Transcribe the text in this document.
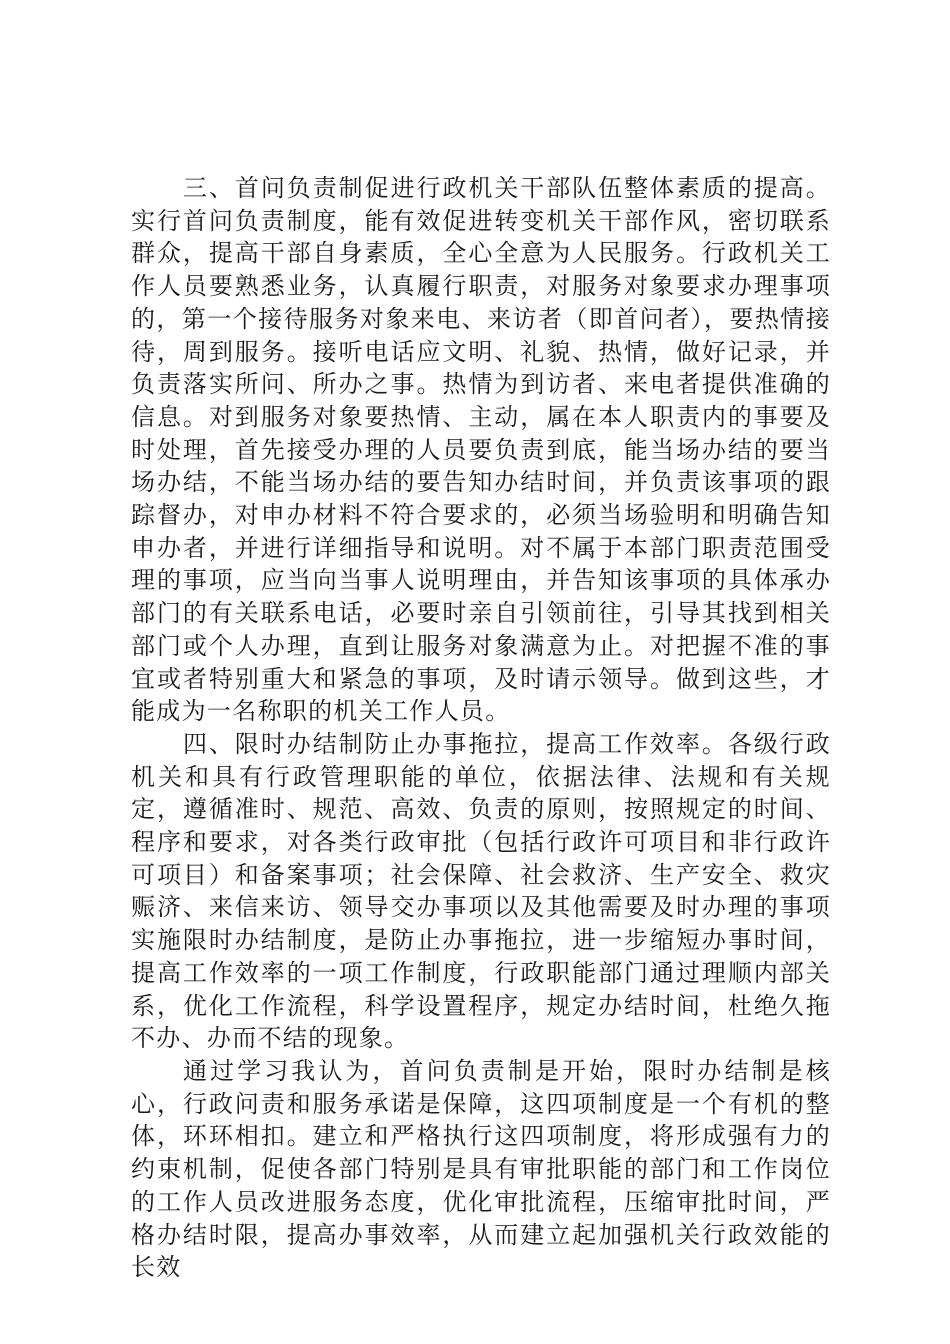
三、首问负责制促进行政机关干部队伍整体素质的提高。实行首问负责制度，能有效促进转变机关干部作风，密切联系群众，提高干部自身素质，全心全意为人民服务。行政机关工作人员要熟悉业务，认真履行职责，对服务对象要求办理事项的，第一个接待服务对象来电、来访者（即首问者），要热情接待，周到服务。接听电话应文明、礼貌、热情，做好记录，并负责落实所问、所办之事。热情为到访者、来电者提供准确的信息。对到服务对象要热情、主动，属在本人职责内的事要及时处理，首先接受办理的人员要负责到底，能当场办结的要当场办结，不能当场办结的要告知办结时间，并负责该事项的跟踪督办，对申办材料不符合要求的，必须当场验明和明确告知申办者，并进行详细指导和说明。对不属于本部门职责范围受理的事项，应当向当事人说明理由，并告知该事项的具体承办部门的有关联系电话，必要时亲自引领前往，引导其找到相关部门或个人办理，直到让服务对象满意为止。对把握不准的事宜或者特别重大和紧急的事项，及时请示领导。做到这些，才能成为一名称职的机关工作人员。

四、限时办结制防止办事拖拉，提高工作效率。各级行政机关和具有行政管理职能的单位，依据法律、法规和有关规定，遵循准时、规范、高效、负责的原则，按照规定的时间、程序和要求，对各类行政审批（包括行政许可项目和非行政许可项目）和备案事项；社会保障、社会救济、生产安全、救灾赈济、来信来访、领导交办事项以及其他需要及时办理的事项实施限时办结制度，是防止办事拖拉，进一步缩短办事时间，提高工作效率的一项工作制度，行政职能部门通过理顺内部关系，优化工作流程，科学设置程序，规定办结时间，杜绝久拖不办、办而不结的现象。

通过学习我认为，首问负责制是开始，限时办结制是核心，行政问责和服务承诺是保障，这四项制度是一个有机的整体，环环相扣。建立和严格执行这四项制度，将形成强有力的约束机制，促使各部门特别是具有审批职能的部门和工作岗位的工作人员改进服务态度，优化审批流程，压缩审批时间，严格办结时限，提高办事效率，从而建立起加强机关行政效能的长效
